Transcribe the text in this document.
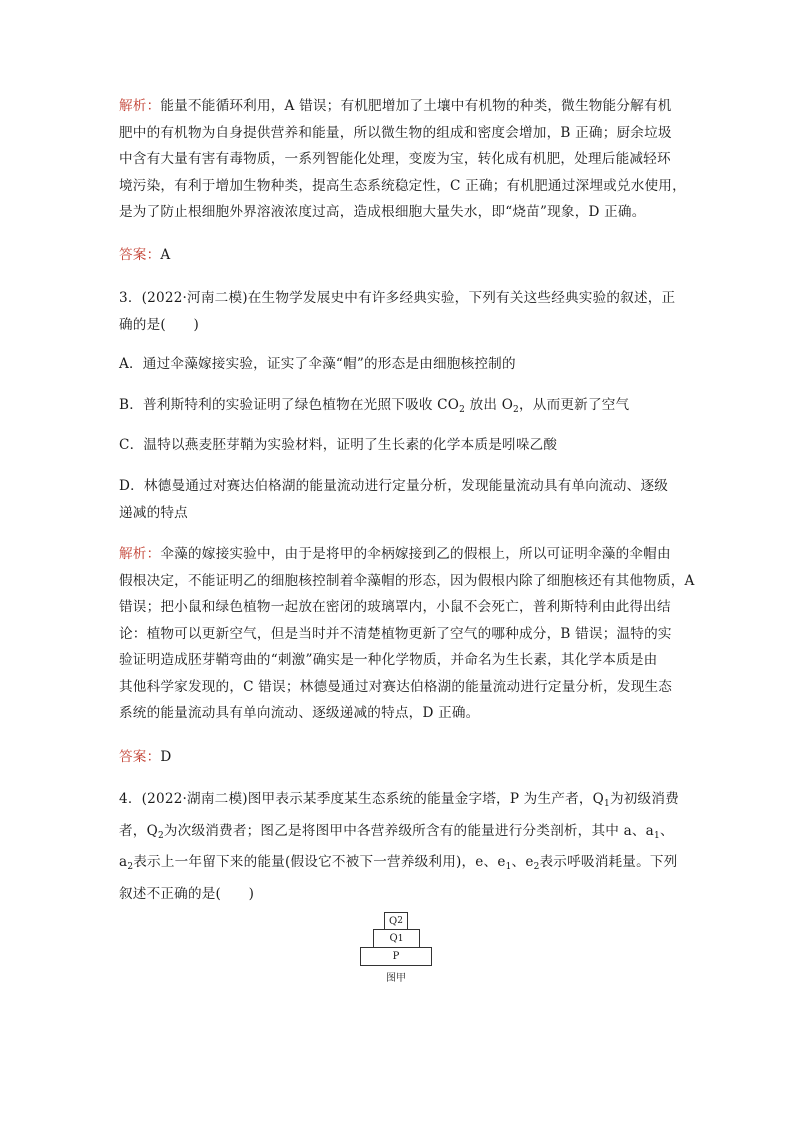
解析：能量不能循环利用，A 错误；有机肥增加了土壤中有机物的种类，微生物能分解有机
肥中的有机物为自身提供营养和能量，所以微生物的组成和密度会增加，B 正确；厨余垃圾
中含有大量有害有毒物质，一系列智能化处理，变废为宝，转化成有机肥，处理后能减轻环
境污染，有利于增加生物种类，提高生态系统稳定性，C 正确；有机肥通过深埋或兑水使用，
是为了防止根细胞外界溶液浓度过高，造成根细胞大量失水，即“烧苗”现象，D 正确。
答案：A
3．(2022·河南二模)在生物学发展史中有许多经典实验，下列有关这些经典实验的叙述，正
确的是(　　)
A．通过伞藻嫁接实验，证实了伞藻“帽”的形态是由细胞核控制的
B．普利斯特利的实验证明了绿色植物在光照下吸收 $CO_2$ 放出 $O_2$，从而更新了空气
C．温特以燕麦胚芽鞘为实验材料，证明了生长素的化学本质是吲哚乙酸
D．林德曼通过对赛达伯格湖的能量流动进行定量分析，发现能量流动具有单向流动、逐级
递减的特点
解析：伞藻的嫁接实验中，由于是将甲的伞柄嫁接到乙的假根上，所以可证明伞藻的伞帽由
假根决定，不能证明乙的细胞核控制着伞藻帽的形态，因为假根内除了细胞核还有其他物质，A
错误；把小鼠和绿色植物一起放在密闭的玻璃罩内，小鼠不会死亡，普利斯特利由此得出结
论：植物可以更新空气，但是当时并不清楚植物更新了空气的哪种成分，B 错误；温特的实
验证明造成胚芽鞘弯曲的“刺激”确实是一种化学物质，并命名为生长素，其化学本质是由
其他科学家发现的，C 错误；林德曼通过对赛达伯格湖的能量流动进行定量分析，发现生态
系统的能量流动具有单向流动、逐级递减的特点，D 正确。
答案：D
4．(2022·湖南二模)图甲表示某季度某生态系统的能量金字塔，P 为生产者，$Q_1$为初级消费
者，$Q_2$为次级消费者；图乙是将图甲中各营养级所含有的能量进行分类剖析，其中 a、$a_1$、
$a_2$表示上一年留下来的能量(假设它不被下一营养级利用)，e、$e_1$、$e_2$表示呼吸消耗量。下列
叙述不正确的是(　　)
Q 2
Q 1
P
图甲
